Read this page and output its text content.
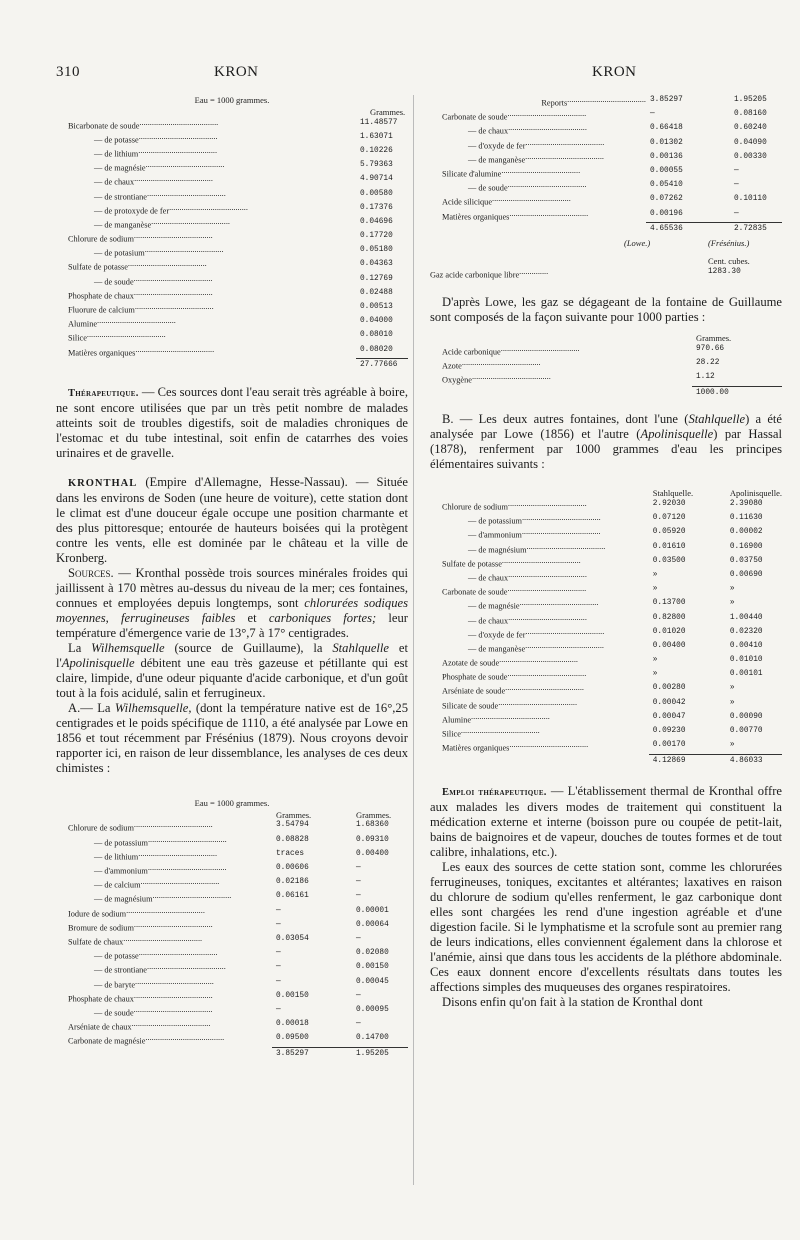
310	KRON	KRON
Eau = 1000 grammes.
	Grammes.
Bicarbonate de soude......................................	11.48577
— de potasse......................................	1.63071
— de lithium......................................	0.10226
— de magnésie......................................	5.79363
— de chaux......................................	4.90714
— de strontiane......................................	0.00580
— de protoxyde de fer......................................	0.17376
— de manganèse......................................	0.04696
Chlorure de sodium......................................	0.17720
— de potasium......................................	0.05180
Sulfate de potasse......................................	0.04363
— de soude......................................	0.12769
Phosphate de chaux......................................	0.02488
Fluorure de calcium......................................	0.00513
Alumine......................................	0.04000
Silice......................................	0.08010
Matières organiques......................................	0.08020
	27.77666

Thérapeutique. — Ces sources dont l'eau serait très agréable à boire, ne sont encore utilisées que par un très petit nombre de malades atteints soit de troubles digestifs, soit de maladies chroniques de l'estomac et du tube intestinal, soit enfin de catarrhes des voies urinaires et de gravelle.

KRONTHAL (Empire d'Allemagne, Hesse-Nassau). — Située dans les environs de Soden (une heure de voiture), cette station dont le climat est d'une douceur égale occupe une position charmante et des plus pittoresque; entourée de hauteurs boisées qui la protègent contre les vents, elle est dominée par le château et la ville de Kronberg.

Sources. — Kronthal possède trois sources minérales froides qui jaillissent à 170 mètres au-dessus du niveau de la mer; ces fontaines, connues et employées depuis longtemps, sont chlorurées sodiques moyennes, ferrugineuses faibles et carboniques fortes; leur température d'émergence varie de 13°,7 à 17° centigrades.

La Wilhemsquelle (source de Guillaume), la Stahlquelle et l'Apolinisquelle débitent une eau très gazeuse et pétillante qui est claire, limpide, d'une odeur piquante d'acide carbonique, et d'un goût tout à la fois acidulé, salin et ferrugineux.

A.— La Wilhemsquelle, (dont la température native est de 16°,25 centigrades et le poids spécifique de 1110, a été analysée par Lowe en 1856 et tout récemment par Frésénius (1879). Nous croyons devoir rapporter ici, en raison de leur dissemblance, les analyses de ces deux chimistes :

Eau = 1000 grammes.
	Grammes.	Grammes.
Chlorure de sodium......................................	3.54794	1.68360
— de potassium......................................	0.08828	0.09310
— de lithium......................................	traces	0.00400
— d'ammonium......................................	0.00606	—
— de calcium......................................	0.02186	—
— de magnésium......................................	0.06161	—
Iodure de sodium......................................	—	0.00001
Bromure de sodium......................................	—	0.00064
Sulfate de chaux......................................	0.03054	—
— de potasse......................................	—	0.02080
— de strontiane......................................	—	0.00150
— de baryte......................................	—	0.00045
Phosphate de chaux......................................	0.00150	—
— de soude......................................	—	0.00095
Arséniate de chaux......................................	0.00018	—
Carbonate de magnésie......................................	0.09500	0.14700
	3.85297	1.95205
Reports......................................	3.85297	1.95205
Carbonate de soude......................................	—	0.08160
— de chaux......................................	0.66418	0.60240
— d'oxyde de fer......................................	0.01302	0.04090
— de manganèse......................................	0.00136	0.00330
Silicate d'alumine......................................	0.00055	—
— de soude......................................	0.05410	—
Acide silicique......................................	0.07262	0.10110
Matières organiques......................................	0.00196	—
	4.65536	2.72835
	(Lowe.)	(Frésénius.)

		Cent. cubes.
Gaz acide carbonique libre..............		1283.30

D'après Lowe, les gaz se dégageant de la fontaine de Guillaume sont composés de la façon suivante pour 1000 parties :

	Grammes.
Acide carbonique......................................	970.66
Azote......................................	28.22
Oxygène......................................	1.12
	1000.00

B. — Les deux autres fontaines, dont l'une (Stahlquelle) a été analysée par Lowe (1856) et l'autre (Apolinisquelle) par Hassal (1878), renferment par 1000 grammes d'eau les principes élémentaires suivants :

	Stahlquelle.	Apolinisquelle.
Chlorure de sodium......................................	2.92030	2.39080
— de potassium......................................	0.07120	0.11630
— d'ammonium......................................	0.05920	0.00002
— de magnésium......................................	0.01610	0.16900
Sulfate de potasse......................................	0.03500	0.03750
— de chaux......................................	»	0.00690
Carbonate de soude......................................	»	»
— de magnésie......................................	0.13700	»
— de chaux......................................	0.82800	1.00440
— d'oxyde de fer......................................	0.01020	0.02320
— de manganèse......................................	0.00400	0.00410
Azotate de soude......................................	»	0.01010
Phosphate de soude......................................	»	0.00101
Arséniate de soude......................................	0.00280	»
Silicate de soude......................................	0.00042	»
Alumine......................................	0.00047	0.00090
Silice......................................	0.09230	0.00770
Matières organiques......................................	0.00170	»
	4.12869	4.86033

Emploi thérapeutique. — L'établissement thermal de Kronthal offre aux malades les divers modes de traitement qui constituent la médication externe et interne (boisson pure ou coupée de petit-lait, bains de baignoires et de vapeur, douches de toutes formes et de tout calibre, inhalations, etc.).

Les eaux des sources de cette station sont, comme les chlorurées ferrugineuses, toniques, excitantes et altérantes; laxatives en raison du chlorure de sodium qu'elles renferment, le gaz carbonique dont elles sont chargées les rend d'une ingestion agréable et d'une digestion facile. Si le lymphatisme et la scrofule sont au premier rang de leurs indications, elles conviennent également dans la chlorose et l'anémie, ainsi que dans tous les accidents de la pléthore abdominale. Ces eaux donnent encore d'excellents résultats dans toutes les affections simples des muqueuses des organes respiratoires.

Disons enfin qu'on fait à la station de Kronthal dont
